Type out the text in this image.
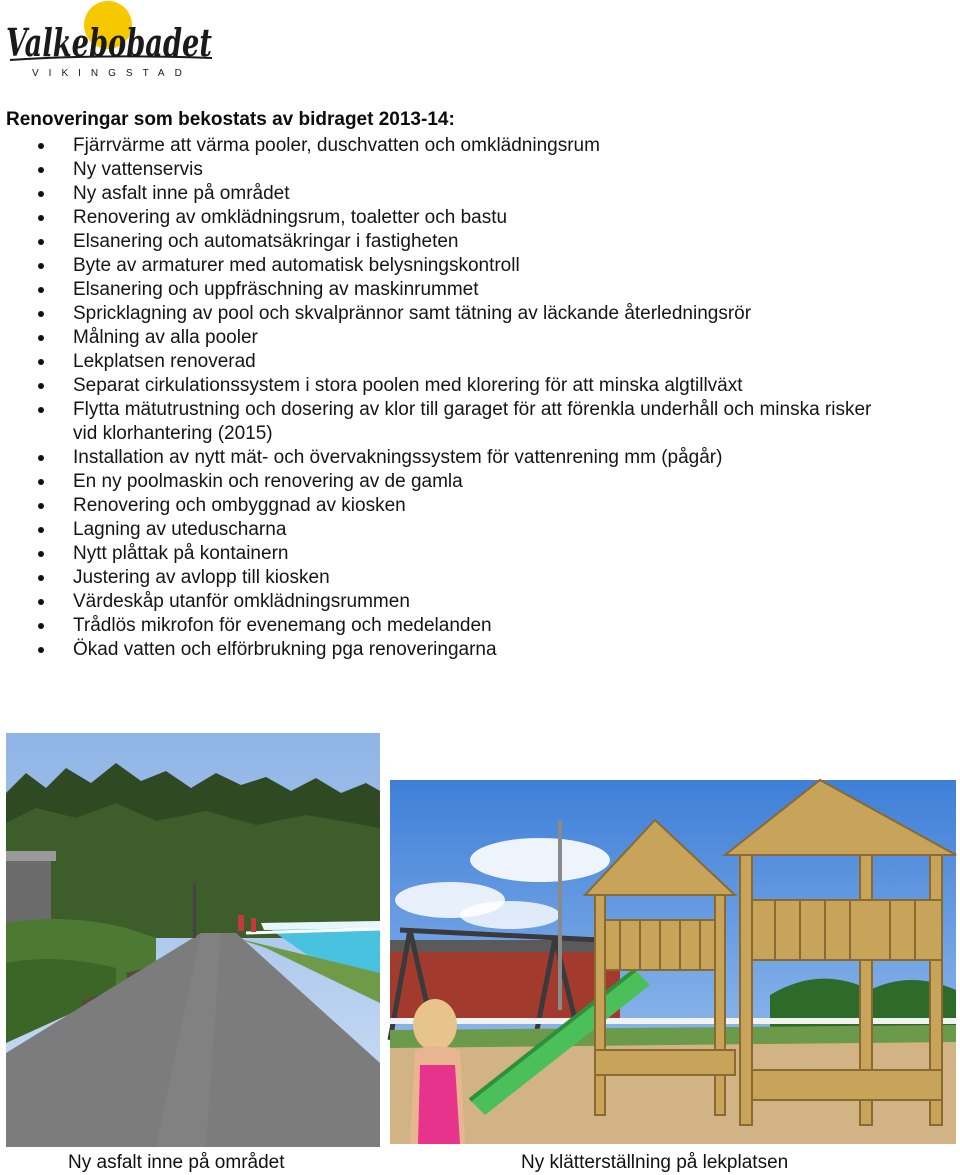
Valkebobadet
VIKINGSTAD
Renoveringar som bekostats av bidraget 2013-14:
Fjärrvärme att värma pooler, duschvatten och omklädningsrum
Ny vattenservis
Ny asfalt inne på området
Renovering av omklädningsrum, toaletter och bastu
Elsanering och automatsäkringar i fastigheten
Byte av armaturer med automatisk belysningskontroll
Elsanering och uppfräschning av maskinrummet
Spricklagning av pool och skvalprännor samt tätning av läckande återledningsrör
Målning av alla pooler
Lekplatsen renoverad
Separat cirkulationssystem i stora poolen med klorering för att minska algtillväxt
Flytta mätutrustning och dosering av klor till garaget för att förenkla underhåll och minska risker vid klorhantering (2015)
Installation av nytt mät- och övervakningssystem för vattenrening mm (pågår)
En ny poolmaskin och renovering av de gamla
Renovering och ombyggnad av kiosken
Lagning av uteduscharna
Nytt plåttak på kontainern
Justering av avlopp till kiosken
Värdeskåp utanför omklädningsrummen
Trådlös mikrofon för evenemang och medelanden
Ökad vatten och elförbrukning pga renoveringarna
Ny asfalt inne på området	Ny klätterställning på lekplatsen
